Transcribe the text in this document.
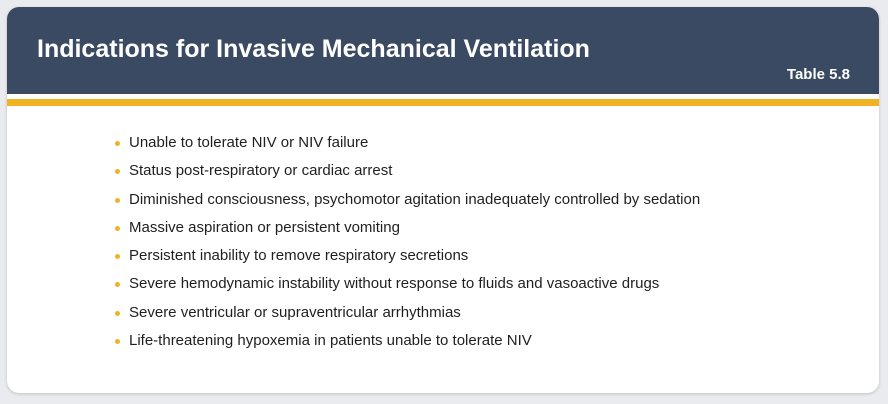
Indications for Invasive Mechanical Ventilation
Table 5.8
Unable to tolerate NIV or NIV failure
Status post-respiratory or cardiac arrest
Diminished consciousness, psychomotor agitation inadequately controlled by sedation
Massive aspiration or persistent vomiting
Persistent inability to remove respiratory secretions
Severe hemodynamic instability without response to fluids and vasoactive drugs
Severe ventricular or supraventricular arrhythmias
Life-threatening hypoxemia in patients unable to tolerate NIV
